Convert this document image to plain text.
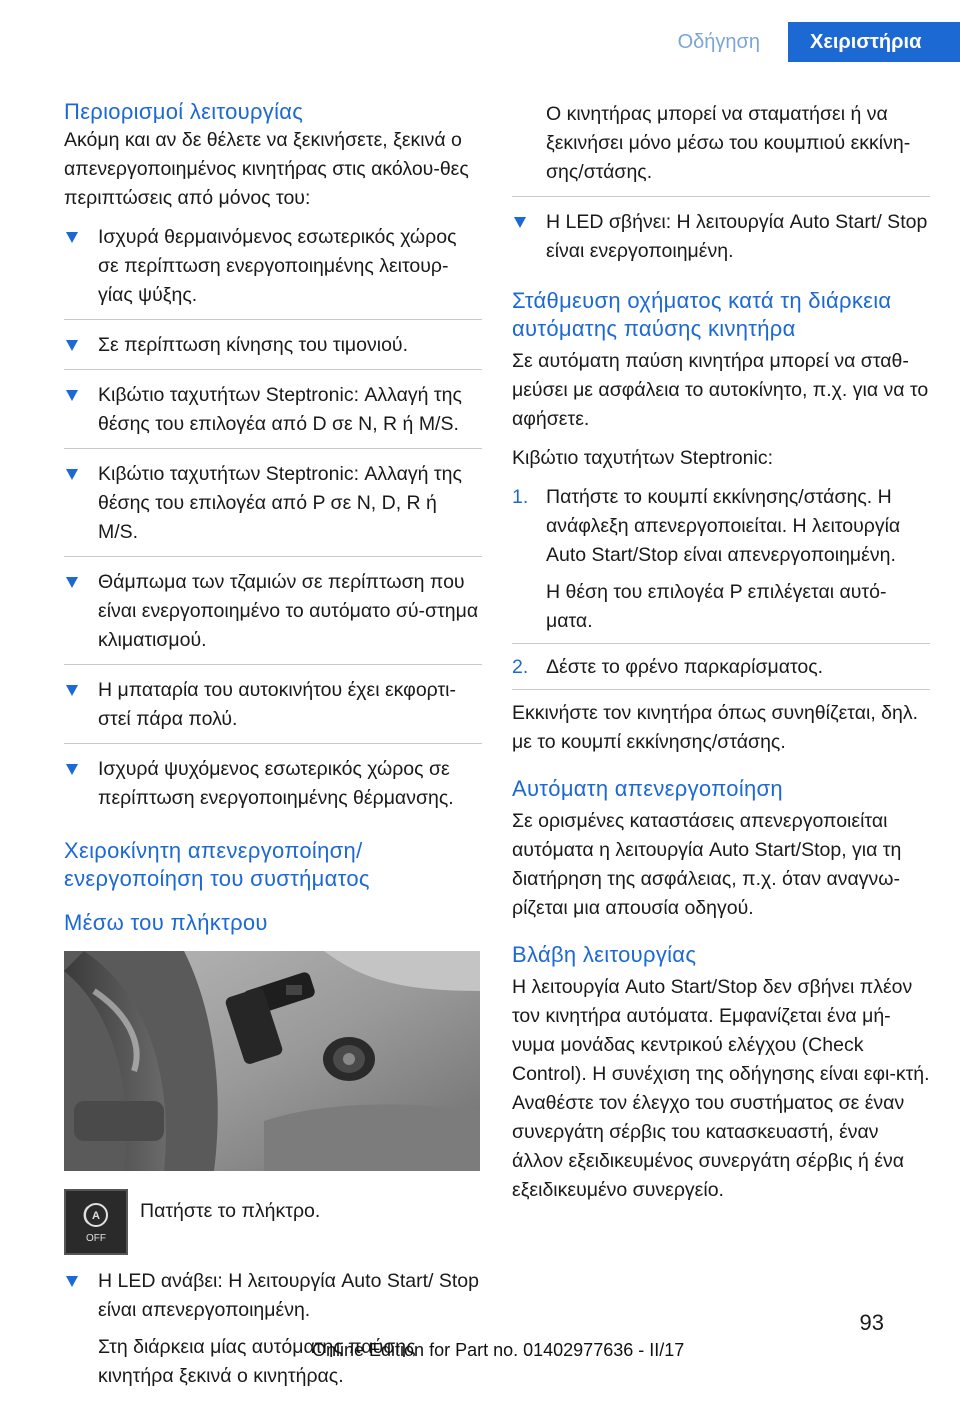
Οδήγηση	Χειριστήρια
Περιορισμοί λειτουργίας

Ακόμη και αν δε θέλετε να ξεκινήσετε, ξεκινά ο απενεργοποιημένος κινητήρας στις ακόλου-θες περιπτώσεις από μόνος του:

Ισχυρά θερμαινόμενος εσωτερικός χώρος σε περίπτωση ενεργοποιημένης λειτουρ-γίας ψύξης.

Σε περίπτωση κίνησης του τιμονιού.

Κιβώτιο ταχυτήτων Steptronic: Αλλαγή της θέσης του επιλογέα από D σε N, R ή M/S.

Κιβώτιο ταχυτήτων Steptronic: Αλλαγή της θέσης του επιλογέα από P σε N, D, R ή M/S.

Θάμπωμα των τζαμιών σε περίπτωση που είναι ενεργοποιημένο το αυτόματο σύ-στημα κλιματισμού.

Η μπαταρία του αυτοκινήτου έχει εκφορτι-στεί πάρα πολύ.

Ισχυρά ψυχόμενος εσωτερικός χώρος σε περίπτωση ενεργοποιημένης θέρμανσης.

Χειροκίνητη απενεργοποίηση/ ενεργοποίηση του συστήματος
Μέσω του πλήκτρου
A
OFF

Πατήστε το πλήκτρο.

Η LED ανάβει: Η λειτουργία Auto Start/ Stop είναι απενεργοποιημένη.

Στη διάρκεια μίας αυτόματης παύσης κινητήρα ξεκινά ο κινητήρας.

Ο κινητήρας μπορεί να σταματήσει ή να ξεκινήσει μόνο μέσω του κουμπιού εκκίνη-σης/στάσης.

Η LED σβήνει: Η λειτουργία Auto Start/ Stop είναι ενεργοποιημένη.

Στάθμευση οχήματος κατά τη διάρκεια αυτόματης παύσης κινητήρα

Σε αυτόματη παύση κινητήρα μπορεί να σταθ-μεύσει με ασφάλεια το αυτοκίνητο, π.χ. για να το αφήσετε.

Κιβώτιο ταχυτήτων Steptronic:

1. Πατήστε το κουμπί εκκίνησης/στάσης. Η ανάφλεξη απενεργοποιείται. Η λειτουργία Auto Start/Stop είναι απενεργοποιημένη.

Η θέση του επιλογέα P επιλέγεται αυτό-ματα.

2. Δέστε το φρένο παρκαρίσματος.

Εκκινήστε τον κινητήρα όπως συνηθίζεται, δηλ. με το κουμπί εκκίνησης/στάσης.

Αυτόματη απενεργοποίηση

Σε ορισμένες καταστάσεις απενεργοποιείται αυτόματα η λειτουργία Auto Start/Stop, για τη διατήρηση της ασφάλειας, π.χ. όταν αναγνω-ρίζεται μια απουσία οδηγού.

Βλάβη λειτουργίας

Η λειτουργία Auto Start/Stop δεν σβήνει πλέον τον κινητήρα αυτόματα. Εμφανίζεται ένα μή-νυμα μονάδας κεντρικού ελέγχου (Check Control). Η συνέχιση της οδήγησης είναι εφι-κτή. Αναθέστε τον έλεγχο του συστήματος σε έναν συνεργάτη σέρβις του κατασκευαστή, έναν άλλον εξειδικευμένος συνεργάτη σέρβις ή ένα εξειδικευμένο συνεργείο.

93
Online Edition for Part no. 01402977636 - II/17
